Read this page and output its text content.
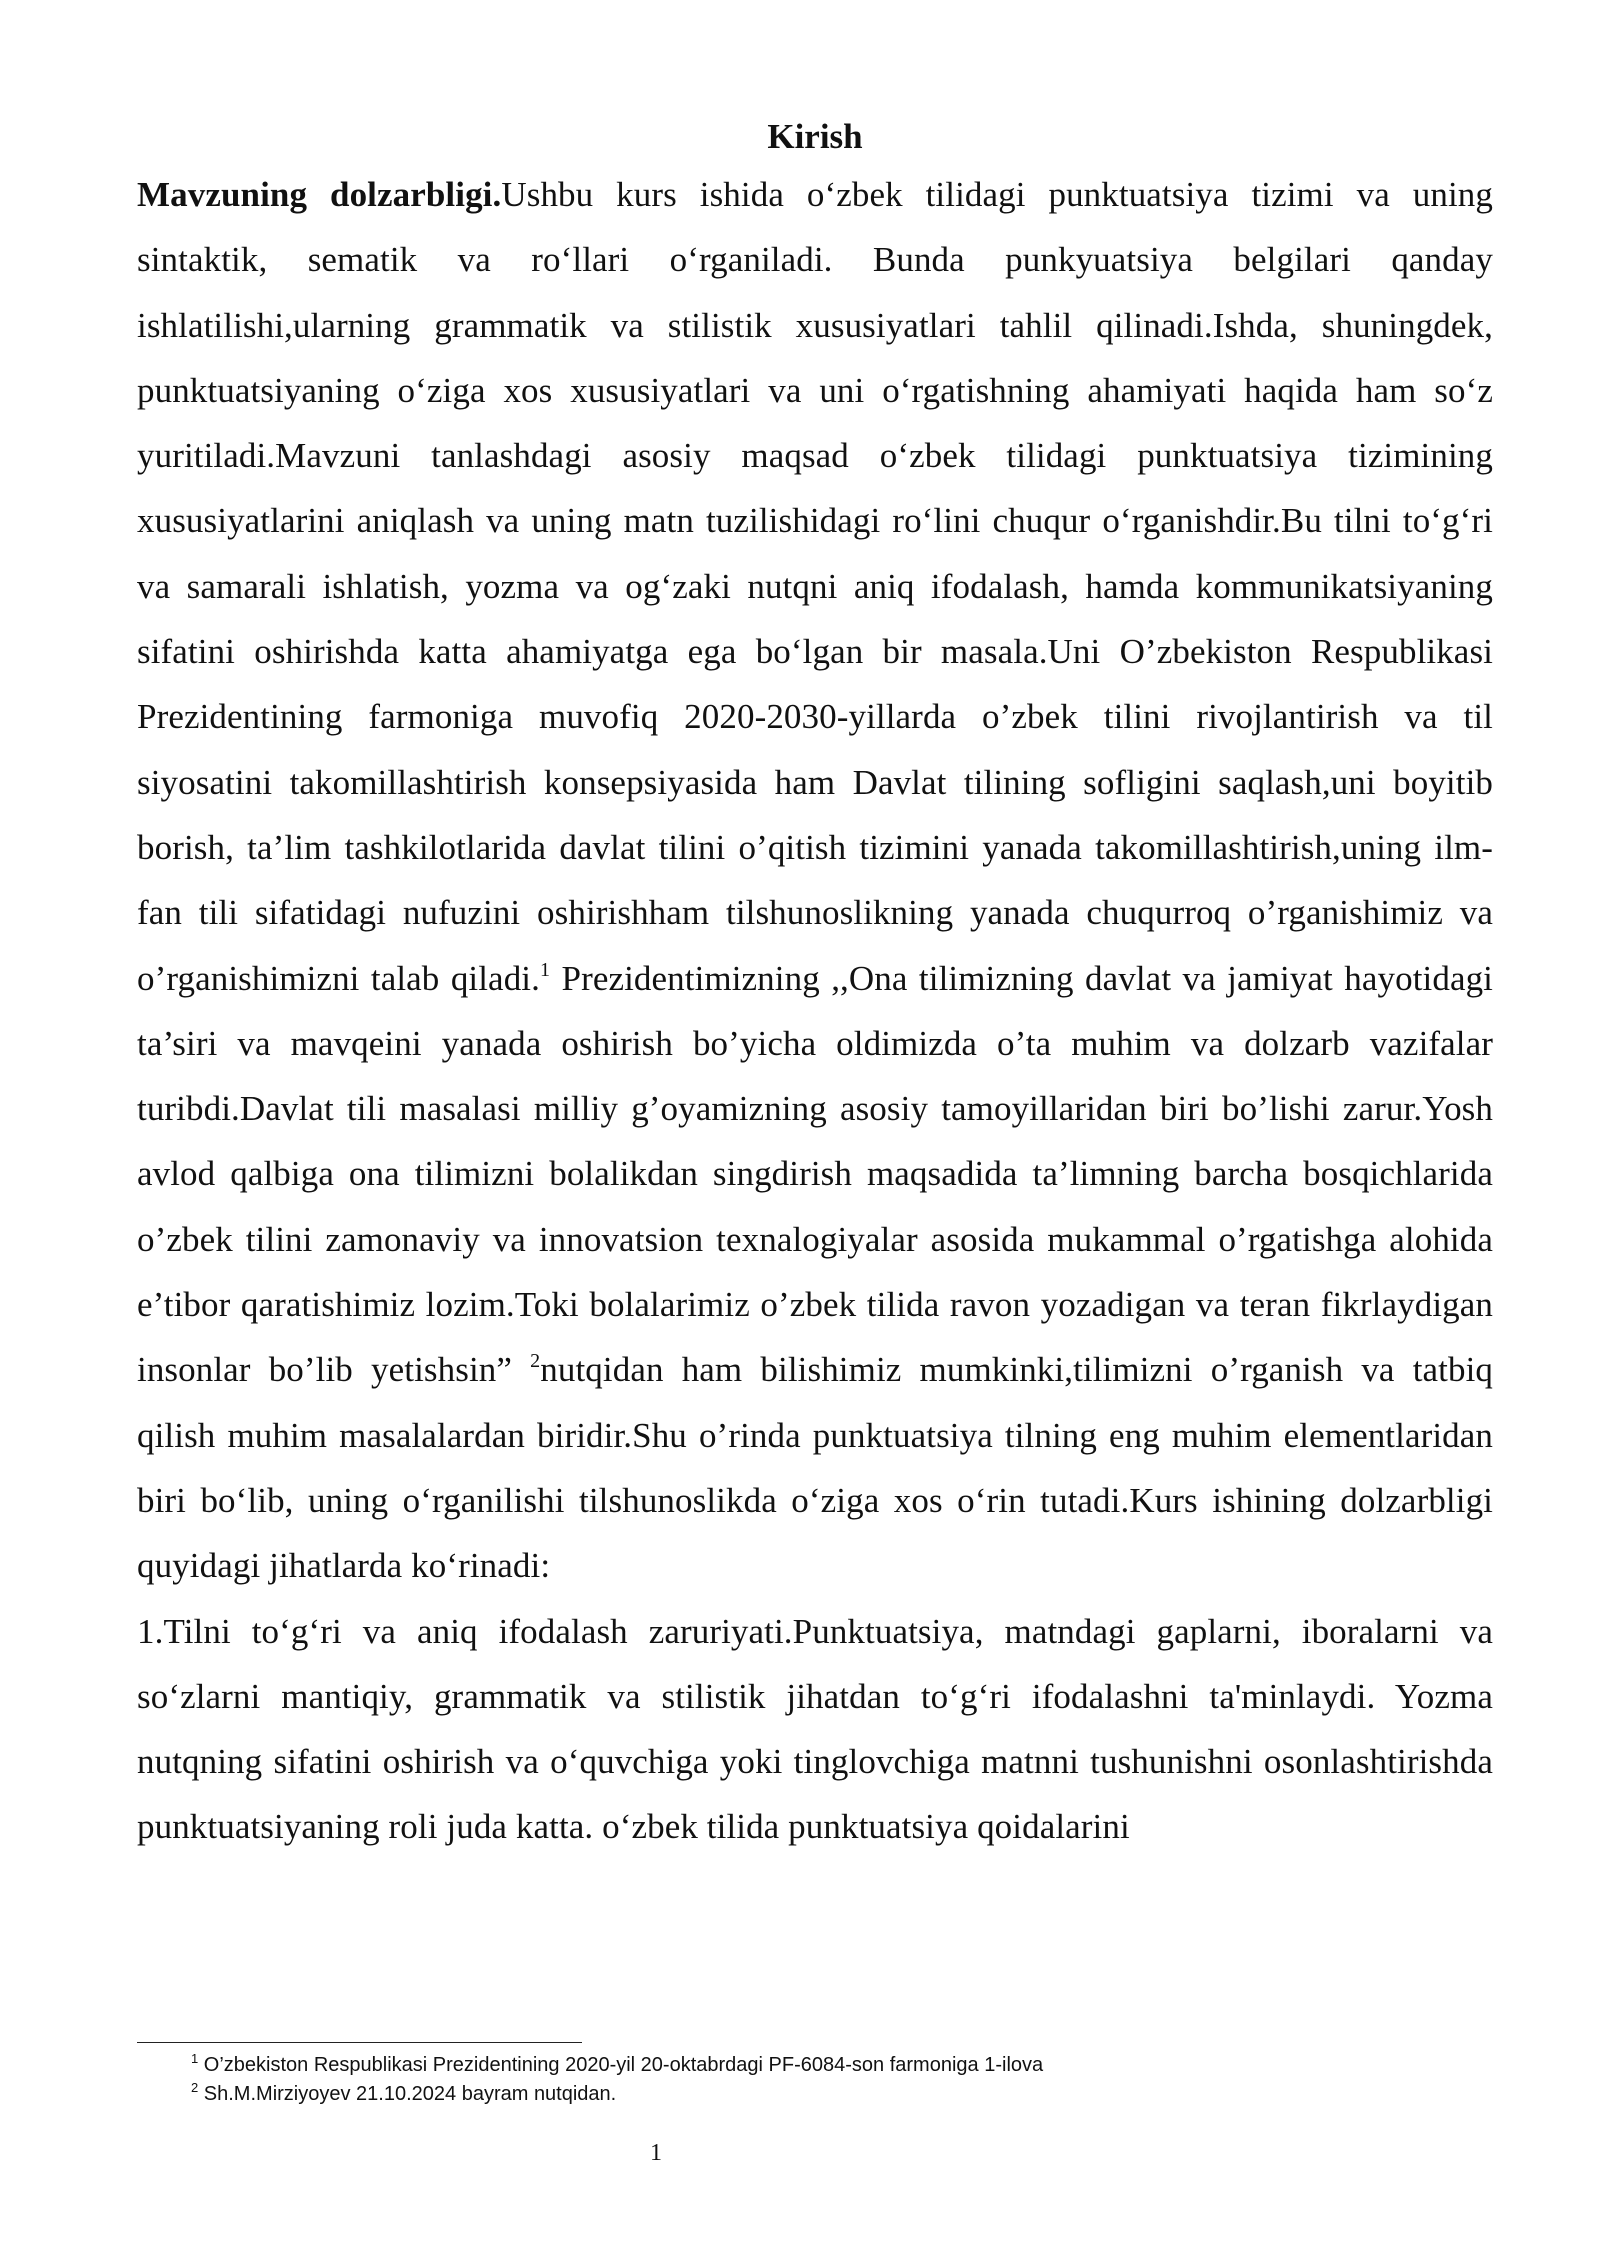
Kirish

Mavzuning dolzarbligi.Ushbu kurs ishida o‘zbek tilidagi punktuatsiya tizimi va uning sintaktik, sematik va ro‘llari o‘rganiladi. Bunda punkyuatsiya belgilari qanday ishlatilishi,ularning grammatik va stilistik xususiyatlari tahlil qilinadi.Ishda, shuningdek, punktuatsiyaning o‘ziga xos xususiyatlari va uni o‘rgatishning ahamiyati haqida ham so‘z yuritiladi.Mavzuni tanlashdagi asosiy maqsad o‘zbek tilidagi punktuatsiya tizimining xususiyatlarini aniqlash va uning matn tuzilishidagi ro‘lini chuqur o‘rganishdir.Bu tilni to‘g‘ri va samarali ishlatish, yozma va og‘zaki nutqni aniq ifodalash, hamda kommunikatsiyaning sifatini oshirishda katta ahamiyatga ega bo‘lgan bir masala.Uni O’zbekiston Respublikasi Prezidentining farmoniga muvofiq 2020-2030-yillarda o’zbek tilini rivojlantirish va til siyosatini takomillashtirish konsepsiyasida ham Davlat tilining sofligini saqlash,uni boyitib borish, ta’lim tashkilotlarida davlat tilini o’qitish tizimini yanada takomillashtirish,uning ilm-fan tili sifatidagi nufuzini oshirishham tilshunoslikning yanada chuqurroq o’rganishimiz va o’rganishimizni talab qiladi.$^1$ Prezidentimizning ,,Ona tilimizning davlat va jamiyat hayotidagi ta’siri va mavqeini yanada oshirish bo’yicha oldimizda o’ta muhim va dolzarb vazifalar turibdi.Davlat tili masalasi milliy g’oyamizning asosiy tamoyillaridan biri bo’lishi zarur.Yosh avlod qalbiga ona tilimizni bolalikdan singdirish maqsadida ta’limning barcha bosqichlarida o’zbek tilini zamonaviy va innovatsion texnalogiyalar asosida mukammal o’rgatishga alohida e’tibor qaratishimiz lozim.Toki bolalarimiz o’zbek tilida ravon yozadigan va teran fikrlaydigan insonlar bo’lib yetishsin” $^2$nutqidan ham bilishimiz mumkinki,tilimizni o’rganish va tatbiq qilish muhim masalalardan biridir.Shu o’rinda punktuatsiya tilning eng muhim elementlaridan biri bo‘lib, uning o‘rganilishi tilshunoslikda o‘ziga xos o‘rin tutadi.Kurs ishining dolzarbligi quyidagi jihatlarda ko‘rinadi:

1.Tilni to‘g‘ri va aniq ifodalash zaruriyati.Punktuatsiya, matndagi gaplarni, iboralarni va so‘zlarni mantiqiy, grammatik va stilistik jihatdan to‘g‘ri ifodalashni ta'minlaydi. Yozma nutqning sifatini oshirish va o‘quvchiga yoki tinglovchiga matnni tushunishni osonlashtirishda punktuatsiyaning roli juda katta. o‘zbek tilida punktuatsiya qoidalarini

$^1$ O’zbekiston Respublikasi Prezidentining 2020-yil 20-oktabrdagi PF-6084-son farmoniga 1-ilova

$^2$ Sh.M.Mirziyoyev 21.10.2024 bayram nutqidan.

1
